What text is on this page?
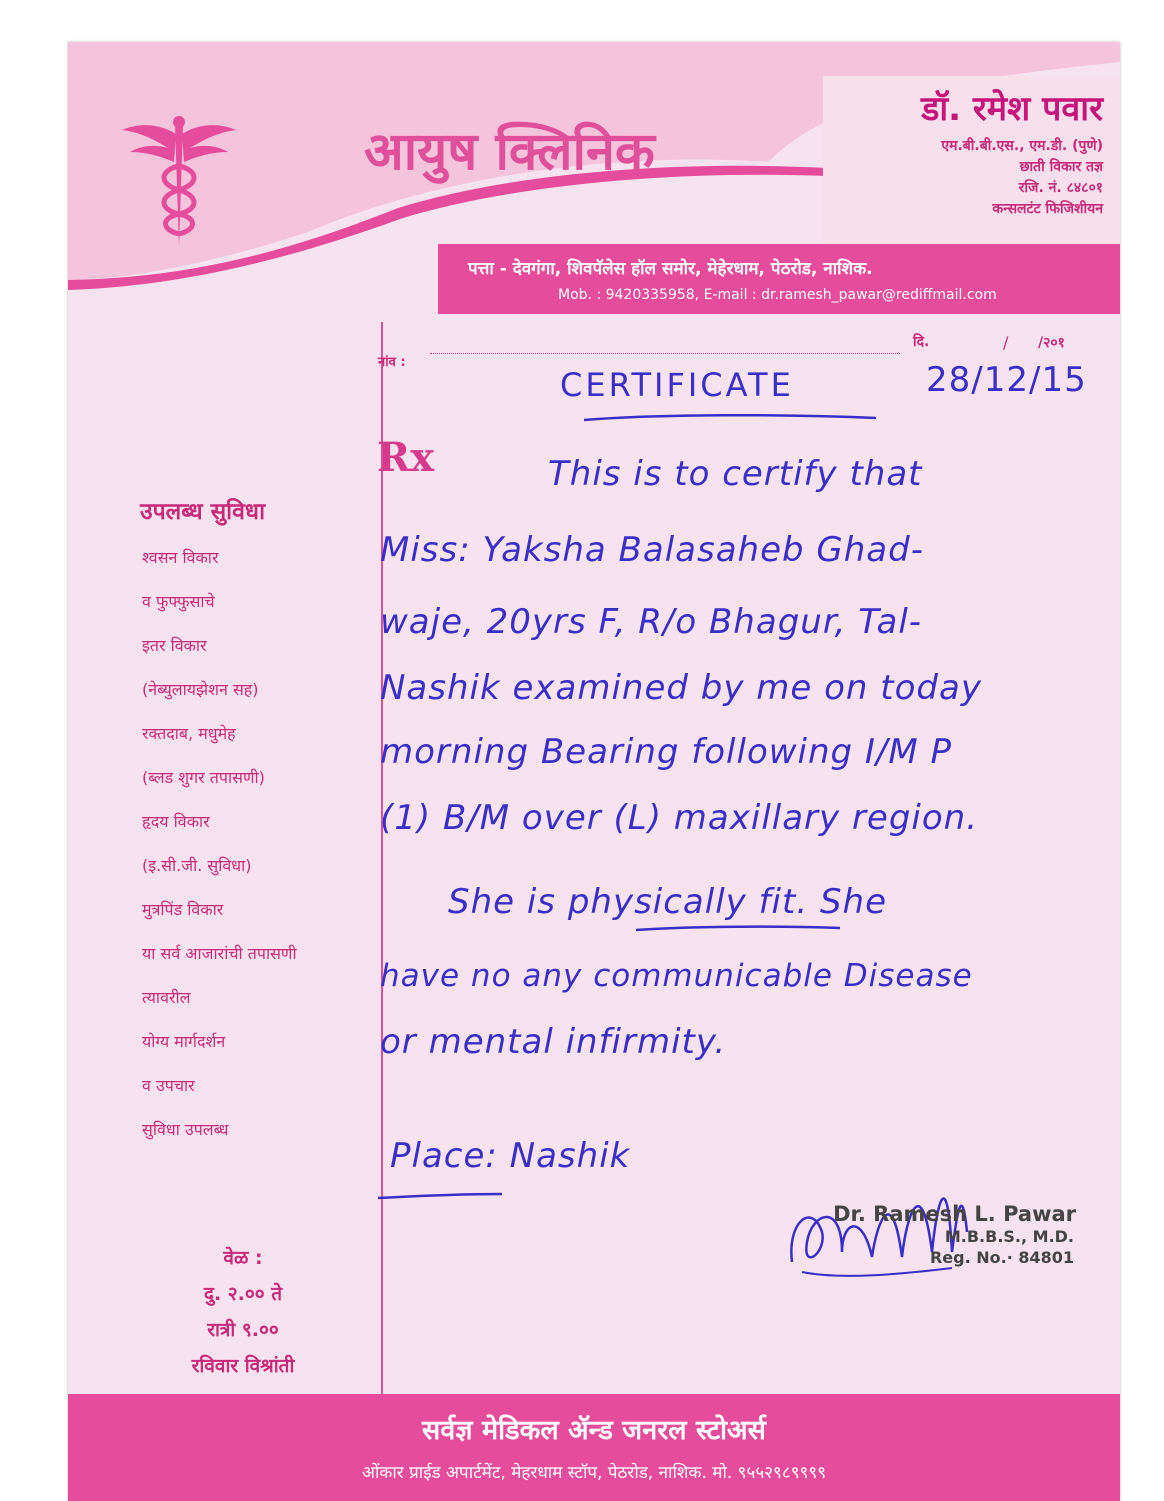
आयुष क्लिनिक
डॉ. रमेश पवार
एम.बी.बी.एस., एम.डी. (पुणे)
छाती विकार तज्ञ
रजि. नं. ८४८०१
कन्सलटंट फिजिशीयन
पत्ता - देवगंगा, शिवपॅलेस हॉल समोर, मेहेरधाम, पेठरोड, नाशिक.
Mob. : 9420335958, E-mail : dr.ramesh_pawar@rediffmail.com
नांव :
दि.	/ /२०१
Rx
उपलब्ध सुविधा
श्वसन विकार
व फुफ्फुसाचे
इतर विकार
(नेब्युलायझेशन सह)
रक्तदाब, मधुमेह
(ब्लड शुगर तपासणी)
हृदय विकार
(इ.सी.जी. सुविधा)
मुत्रपिंड विकार
या सर्व आजारांची तपासणी
त्यावरील
योग्य मार्गदर्शन
व उपचार
सुविधा उपलब्ध
वेळ :
दु. २.०० ते
रात्री ९.००
रविवार विश्रांती
CERTIFICATE	28/12/15
This is to certify that
Miss: Yaksha Balasaheb Ghad-
waje, 20yrs F, R/o Bhagur, Tal-
Nashik examined by me on today
morning Bearing following I/M P
(1) B/M over (L) maxillary region.
She is physically fit. She
have no any communicable Disease
or mental infirmity.
Place: Nashik
Dr. Ramesh L. Pawar
M.B.B.S., M.D.
Reg. No.· 84801
सर्वज्ञ मेडिकल ॲन्ड जनरल स्टोअर्स
ओंकार प्राईड अपार्टमेंट, मेहरधाम स्टॉप, पेठरोड, नाशिक. मो. ९५५२९८९९९९
